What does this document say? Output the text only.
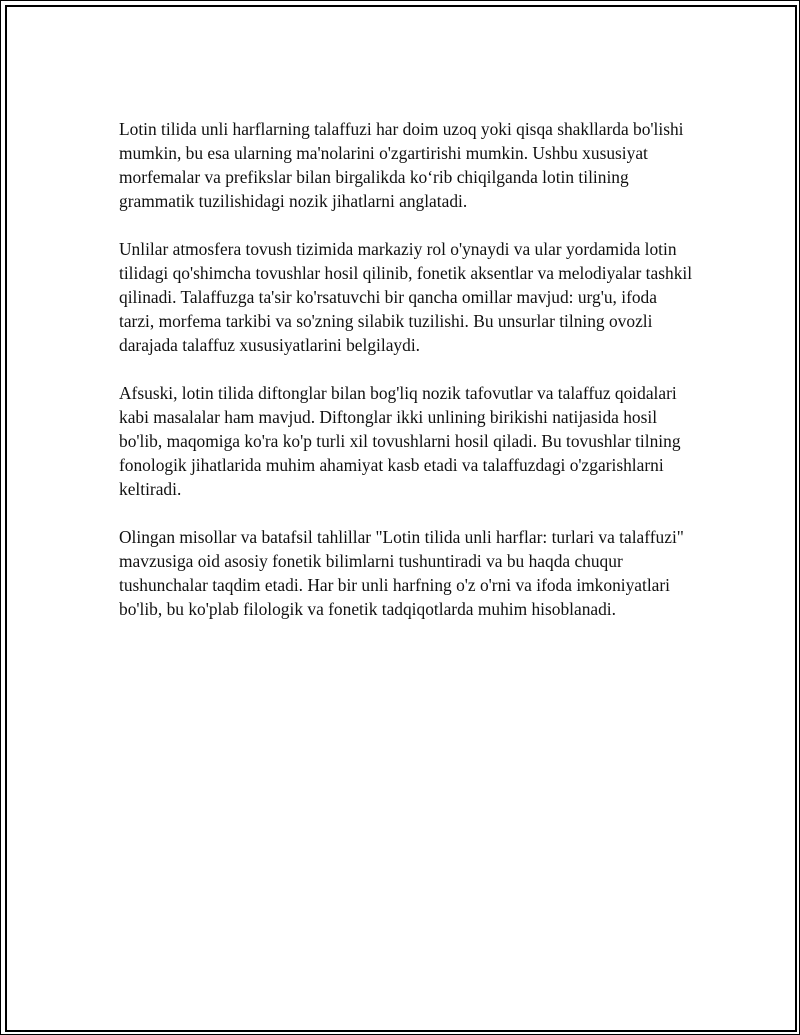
Lotin tilida unli harflarning talaffuzi har doim uzoq yoki qisqa shakllarda bo'lishi mumkin, bu esa ularning ma'nolarini o'zgartirishi mumkin. Ushbu xususiyat morfemalar va prefikslar bilan birgalikda ko‘rib chiqilganda lotin tilining grammatik tuzilishidagi nozik jihatlarni anglatadi.

Unlilar atmosfera tovush tizimida markaziy rol o'ynaydi va ular yordamida lotin tilidagi qo'shimcha tovushlar hosil qilinib, fonetik aksentlar va melodiyalar tashkil qilinadi. Talaffuzga ta'sir ko'rsatuvchi bir qancha omillar mavjud: urg'u, ifoda tarzi, morfema tarkibi va so'zning silabik tuzilishi. Bu unsurlar tilning ovozli darajada talaffuz xususiyatlarini belgilaydi.

Afsuski, lotin tilida diftonglar bilan bog'liq nozik tafovutlar va talaffuz qoidalari kabi masalalar ham mavjud. Diftonglar ikki unlining birikishi natijasida hosil bo'lib, maqomiga ko'ra ko'p turli xil tovushlarni hosil qiladi. Bu tovushlar tilning fonologik jihatlarida muhim ahamiyat kasb etadi va talaffuzdagi o'zgarishlarni keltiradi.

Olingan misollar va batafsil tahlillar "Lotin tilida unli harflar: turlari va talaffuzi" mavzusiga oid asosiy fonetik bilimlarni tushuntiradi va bu haqda chuqur tushunchalar taqdim etadi. Har bir unli harfning o'z o'rni va ifoda imkoniyatlari bo'lib, bu ko'plab filologik va fonetik tadqiqotlarda muhim hisoblanadi.
